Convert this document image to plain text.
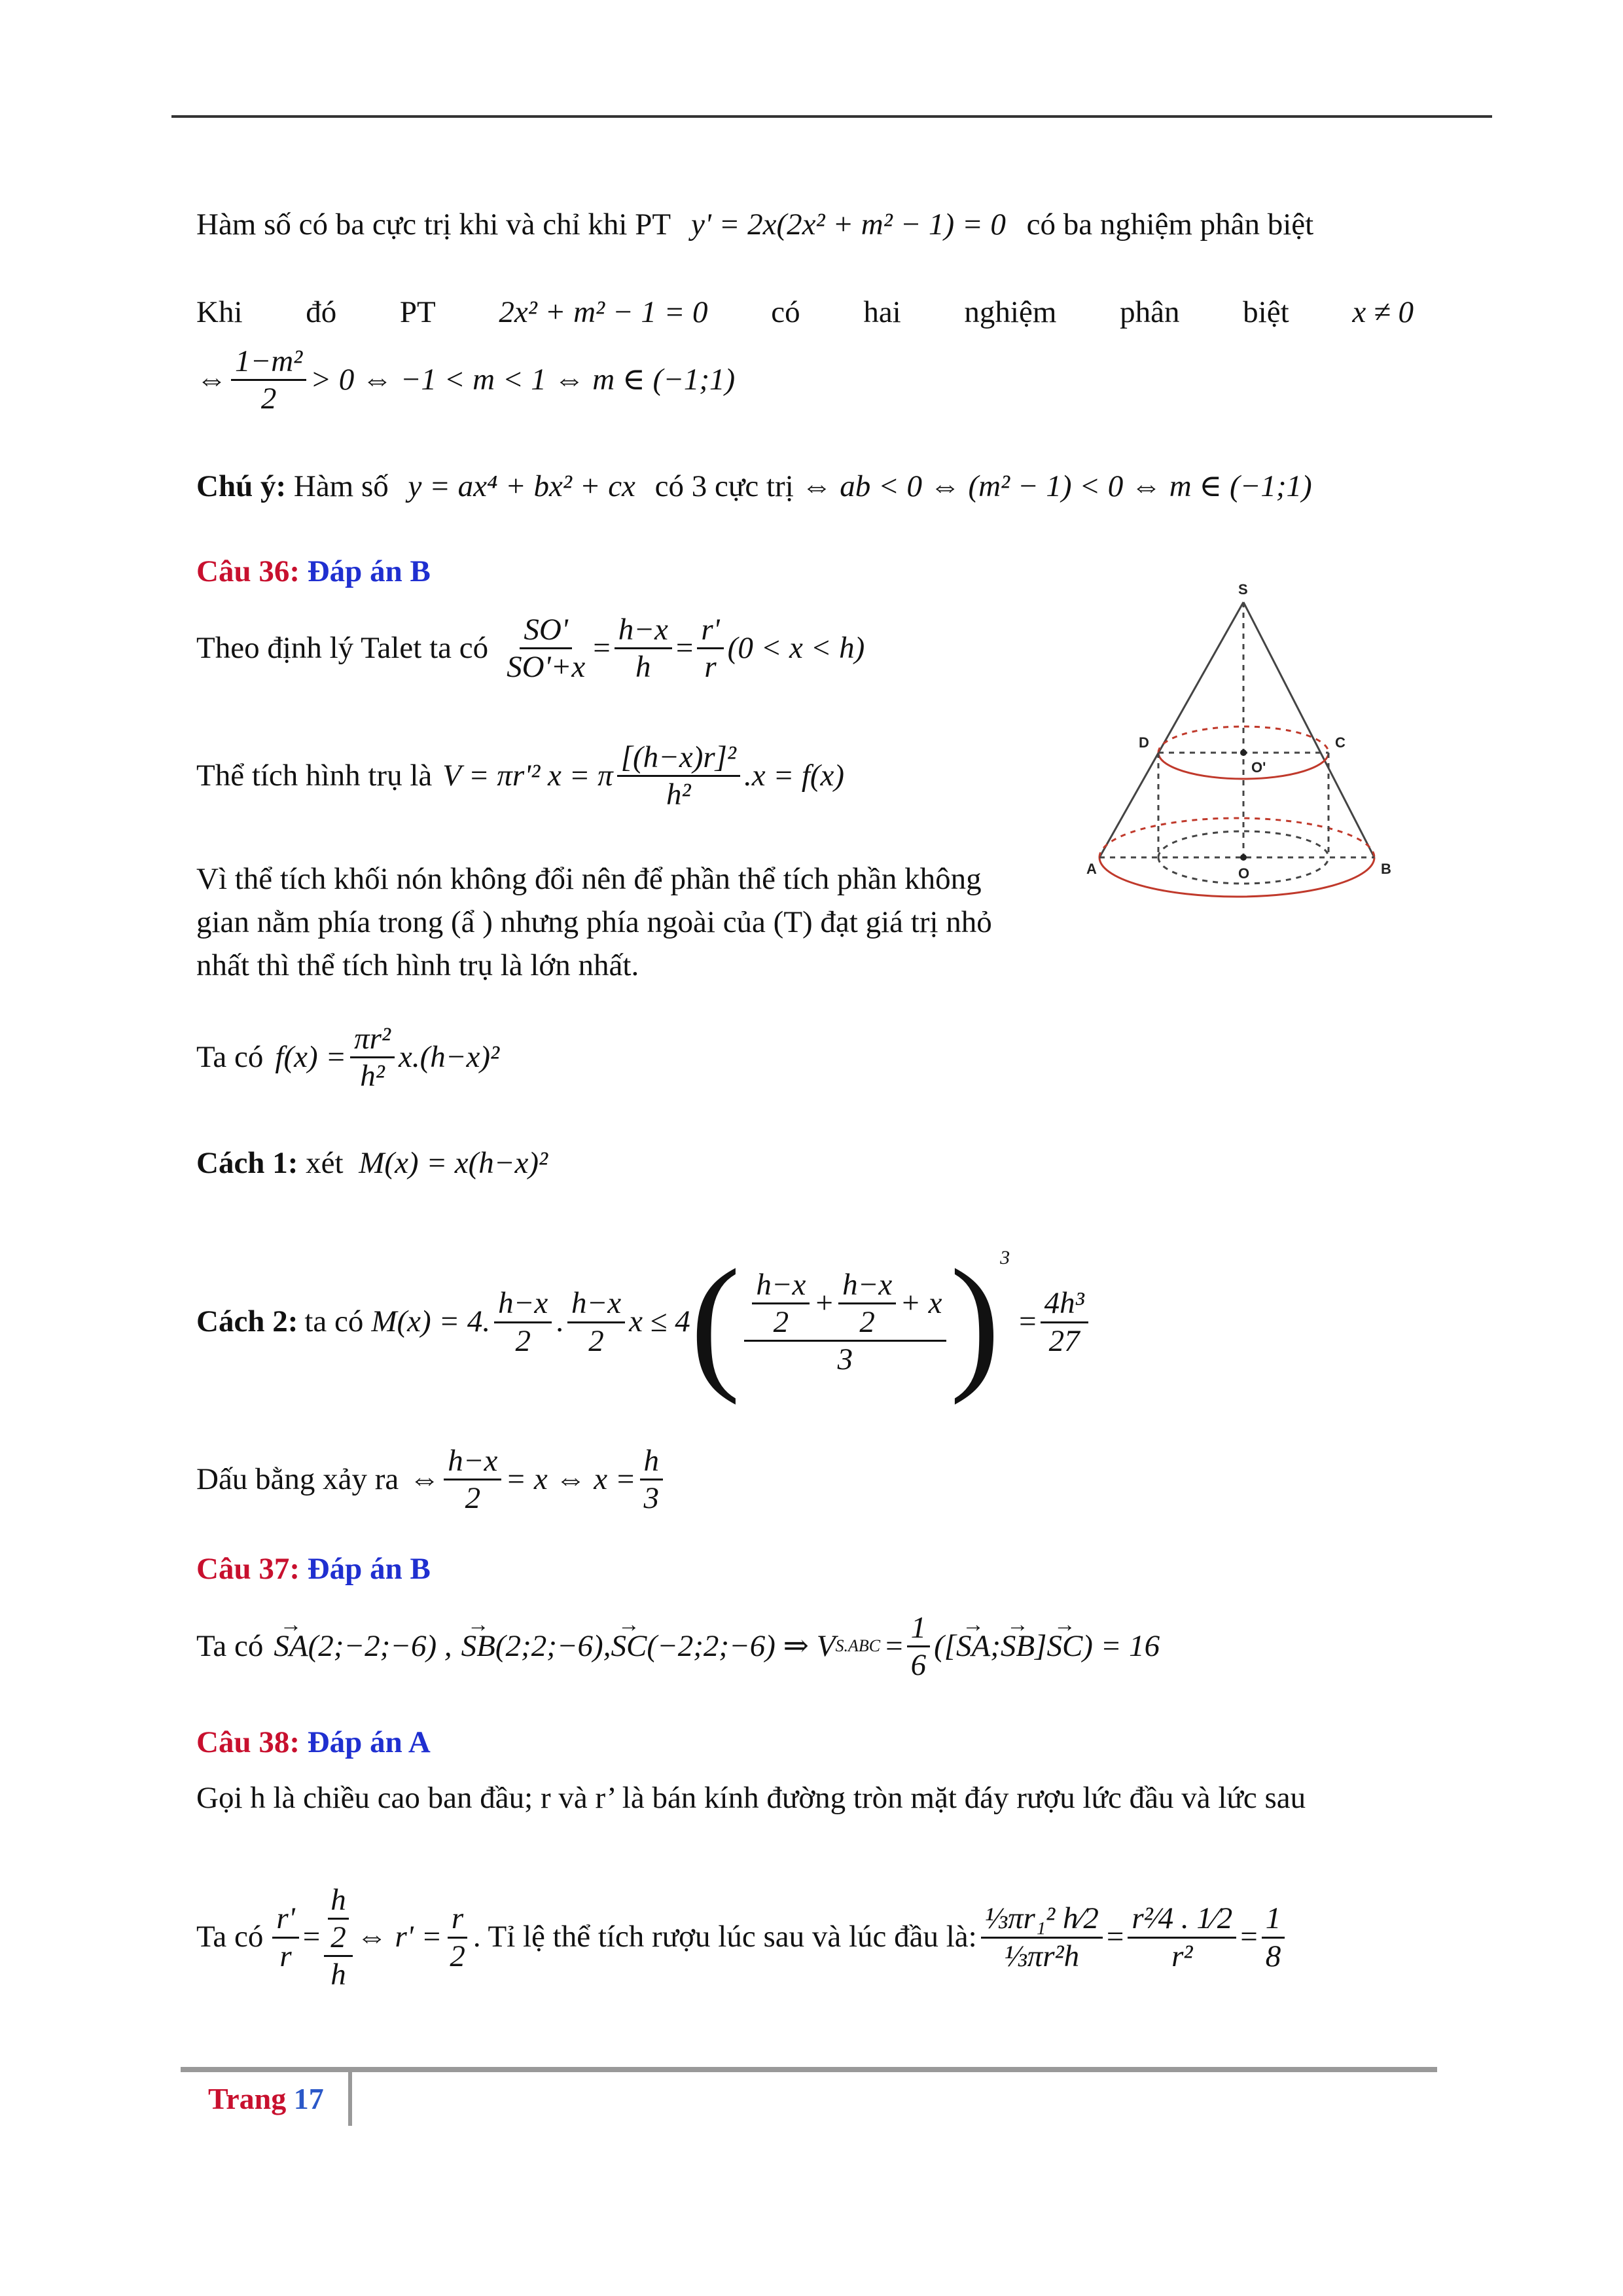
Hàm số có ba cực trị khi và chỉ khi PT y' = 2x(2x² + m² − 1) = 0 có ba nghiệm phân biệt
Khi đó PT 2x² + m² − 1 = 0 có hai nghiệm phân biệt x ≠ 0
⇔ $\frac{\text{1−m²}}{2} > 0$ ⇔ −1 < m < 1 ⇔ m ∈ (−1;1)
Chú ý: Hàm số y = ax⁴ + bx² + cx có 3 cực trị ⇔ ab < 0 ⇔ (m² − 1) < 0 ⇔ m ∈ (−1;1)
Câu 36: Đáp án B
Theo định lý Talet ta có $\frac{SO'}{SO'+x} = \frac{h-x}{h} = \frac{r'}{r} (0 < x < h)$
Thể tích hình trụ là V = πr'² x = π $\frac{\text{[(h−x)r]²}}{\text{h²}} .x = f(x)$
Vì thể tích khối nón không đổi nên để phần thể tích phần không
gian nằm phía trong (ẩ ) nhưng phía ngoài của (T) đạt giá trị nhỏ
nhất thì thể tích hình trụ là lớn nhất.
Ta có $f(x) = \frac{\text{πr²}}{\text{h²}} x.(h-x)^2$
Cách 1: xét M(x) = x(h−x)²
Cách 2: ta có M(x) = 4. $\frac{h-x}{2}$ . $\frac{h-x}{2}$ x ≤ 4 ( $\frac{\frac{h-x}{2} + \frac{h-x}{2} + x}{3}$ ) 3
= $\frac{\text{4h³}}{27}$
Dấu bằng xảy ra ⇔ $\frac{h-x}{2} = x$ ⇔ $x = \frac{h}{3}$
Câu 37: Đáp án B
Ta có → SA (2;−2;−6) , → SB (2;2;−6), → SC (−2;2;−6) ⇒ V $S.ABC = \frac{1}{6}$ ([ → SA ; → SB ] → SC ) = 16
Câu 38: Đáp án A
Gọi h là chiều cao ban đầu; r và r’ là bán kính đường tròn mặt đáy rượu lức đầu và lức sau
Ta có $\frac{r'}{r} = \frac{\frac{h}{2}}{h}$ ⇔ $r' = \frac{r}{2}$ . Tỉ lệ thể tích rượu lúc sau và lúc đầu là: $\frac{\text{⅓πr₁² h⁄2}}{\text{⅓πr²h}} = \frac{\text{r²⁄4 . 1⁄2}}{\text{r²}} = \frac{1}{8}$
S
D	C
O'
A	B
O
Trang 17
